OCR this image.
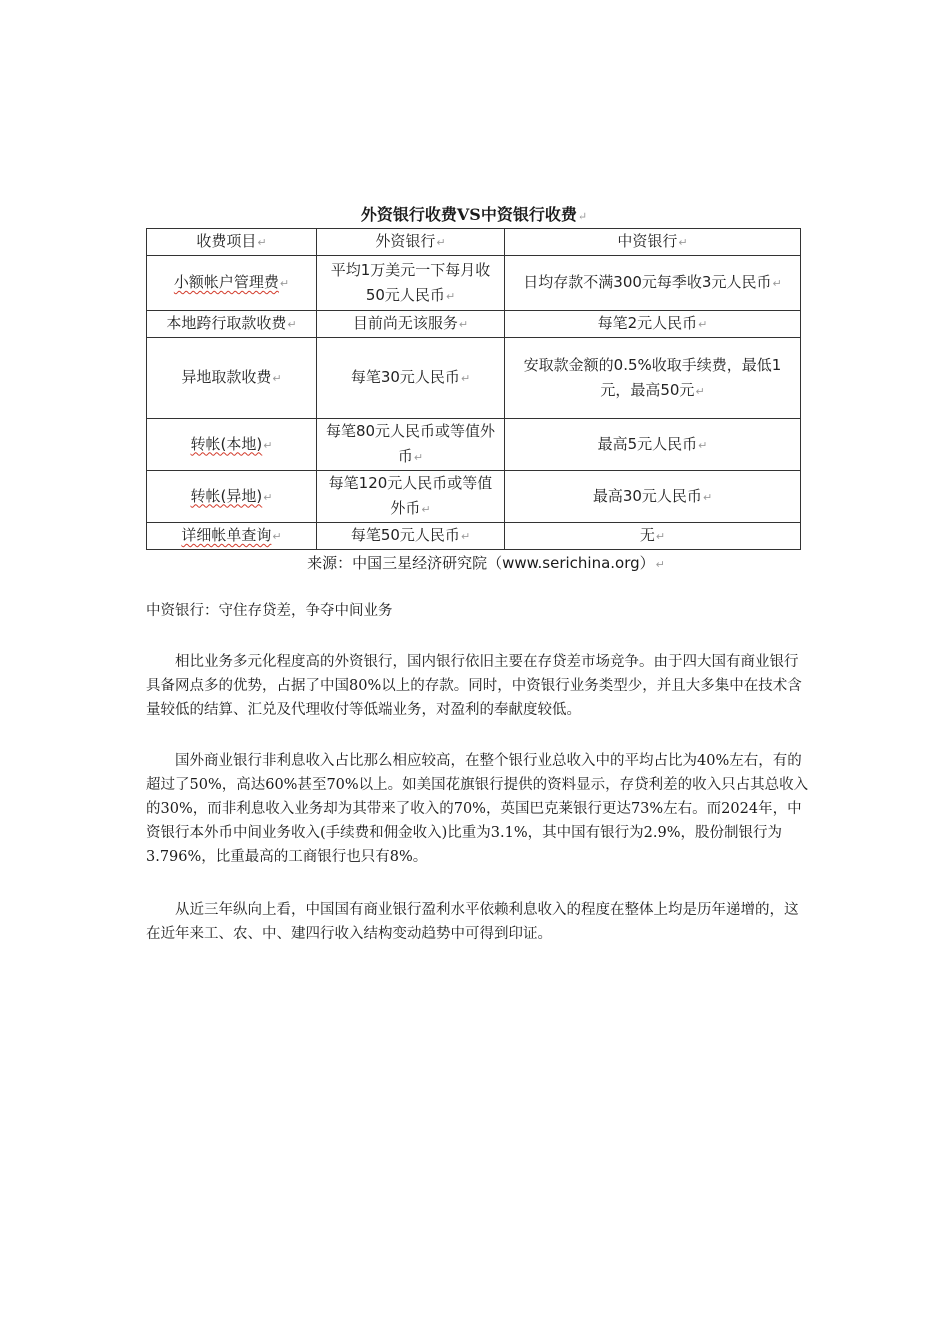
外资银行收费VS中资银行收费↵
收费项目↵	外资银行↵	中资银行↵
小额帐户管理费↵	平均1万美元一下每月收50元人民币↵	日均存款不满300元每季收3元人民币↵
本地跨行取款收费↵	目前尚无该服务↵	每笔2元人民币↵
异地取款收费↵	每笔30元人民币↵	安取款金额的0.5%收取手续费，最低1元，最高50元↵
转帐(本地)↵	每笔80元人民币或等值外币↵	最高5元人民币↵
转帐(异地)↵	每笔120元人民币或等值外币↵	最高30元人民币↵
详细帐单查询↵	每笔50元人民币↵	无↵
来源：中国三星经济研究院（www.serichina.org）↵

中资银行：守住存贷差，争夺中间业务

相比业务多元化程度高的外资银行，国内银行依旧主要在存贷差市场竞争。由于四大国有商业银行具备网点多的优势，占据了中国80%以上的存款。同时，中资银行业务类型少，并且大多集中在技术含量较低的结算、汇兑及代理收付等低端业务，对盈利的奉献度较低。

国外商业银行非利息收入占比那么相应较高，在整个银行业总收入中的平均占比为40%左右，有的超过了50%，高达60%甚至70%以上。如美国花旗银行提供的资料显示，存贷利差的收入只占其总收入的30%，而非利息收入业务却为其带来了收入的70%，英国巴克莱银行更达73%左右。而2024年，中资银行本外币中间业务收入(手续费和佣金收入)比重为3.1%，其中国有银行为2.9%，股份制银行为3.796%，比重最高的工商银行也只有8%。

从近三年纵向上看，中国国有商业银行盈利水平依赖利息收入的程度在整体上均是历年递增的，这在近年来工、农、中、建四行收入结构变动趋势中可得到印证。
